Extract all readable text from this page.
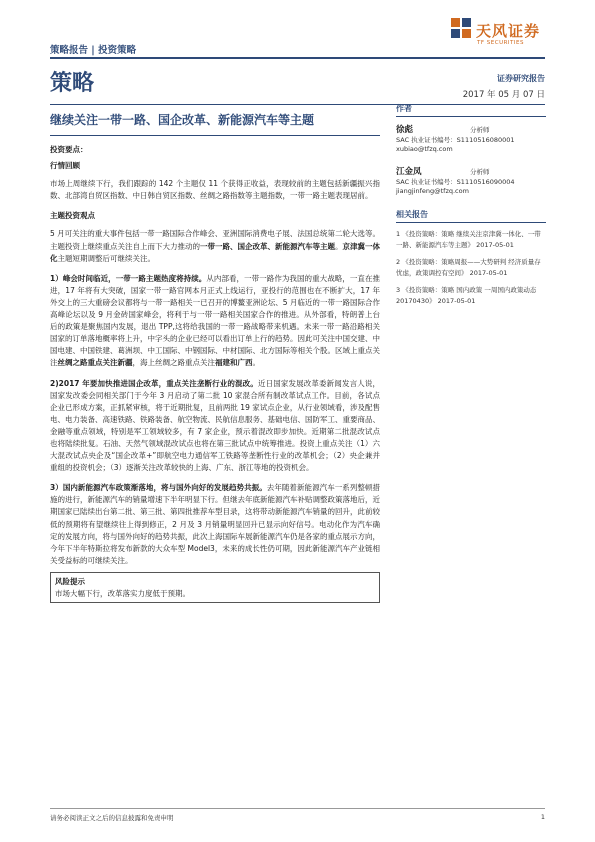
天风证券
TF SECURITIES
策略报告 | 投资策略
策略	证券研究报告
2017 年 05 月 07 日
继续关注一带一路、国企改革、新能源汽车等主题

投资要点：

行情回顾

市场上周继续下行，我们跟踪的 142 个主题仅 11 个获得正收益，表现较前的主题包括新疆振兴指数、北部湾自贸区指数、中日韩自贸区指数、丝绸之路指数等主题指数，一带一路主题表现居前。

主题投资观点

5 月可关注的重大事件包括一带一路国际合作峰会、亚洲国际消费电子展、法国总统第二轮大选等。主题投资上继续重点关注自上而下大力推动的一带一路、国企改革、新能源汽车等主题。京津冀一体化主题短期调整后可继续关注。

1）峰会时间临近，一带一路主题热度将持续。从内部看，一带一路作为我国的重大战略，一直在推进，17 年将有大突破，国家一带一路官网本月正式上线运行，亚投行的范围也在不断扩大，17 年外交上的三大重磅会议都将与一带一路相关一已召开的博鳌亚洲论坛、5 月临近的一带一路国际合作高峰论坛以及 9 月金砖国家峰会，将利于与一带一路相关国家合作的推进。从外部看，特朗普上台后的政策是聚焦国内发展，退出 TPP,这将给我国的一带一路战略带来机遇。未来一带一路沿路相关国家的订单落地概率将上升，中字头的企业已经可以看出订单上行的趋势。因此可关注中国交建、中国电建、中国铁建、葛洲坝、中工国际、中钢国际、中材国际、北方国际等相关个股。区域上重点关注丝绸之路重点关注新疆，海上丝绸之路重点关注福建和广西。

2)2017 年要加快推进国企改革，重点关注垄断行业的混改。近日国家发展改革委新闻发言人说，国家发改委会同相关部门于今年 3 月启动了第二批 10 家混合所有制改革试点工作。目前，各试点企业已形成方案，正抓紧审核，将于近期批复，且前两批 19 家试点企业，从行业领域看，涉及配售电、电力装备、高速铁路、铁路装备、航空物流、民航信息服务、基础电信、国防军工、重要商品、金融等重点领域，特别是军工领域较多，有 7 家企业，预示着混改即步加快。近期第二批混改试点也将陆续批复。石油、天然气领域混改试点也将在第三批试点中统筹推进。投资上重点关注（1）六大混改试点央企及“国企改革+”即航空电力通信军工铁路等垄断性行业的改革机会；（2）央企兼并重组的投资机会；（3）逐渐关注改革较快的上海、广东、浙江等地的投资机会。

3）国内新能源汽车政策渐落地，将与国外向好的发展趋势共振。去年随着新能源汽车一系列整顿措施的进行，新能源汽车的销量增速下半年明显下行。但继去年底新能源汽车补贴调整政策落地后，近期国家已陆续出台第二批、第三批、第四批推荐车型目录，这将带动新能源汽车销量的回升，此前较低的预期将有望继续往上得到修正，2 月及 3 月销量明显回升已显示向好信号。电动化作为汽车确定的发展方向，将与国外向好的趋势共振，此次上海国际车展新能源汽车仍是各家的重点展示方向，今年下半年特斯拉将发布新款的大众车型 Model3，未来的成长性仍可期，因此新能源汽车产业链相关受益标的可继续关注。

风险提示

市场大幅下行，改革落实力度低于预期。

作者
徐彪	分析师
SAC 执业证书编号：S1110516080001
xubiao@tfzq.com
江金凤	分析师
SAC 执业证书编号：S1110516090004
jiangjinfeng@tfzq.com
相关报告
1 《投资策略：策略 继续关注京津冀一体化、一带一路、新能源汽车等主题》 2017-05-01
2 《投资策略：策略周报——大势研判 经济质量存忧虑，政策调控有空间》 2017-05-01
3 《投资策略：策略 国内政策 一周国内政策动态 20170430》 2017-05-01
请务必阅读正文之后的信息披露和免责申明	1
